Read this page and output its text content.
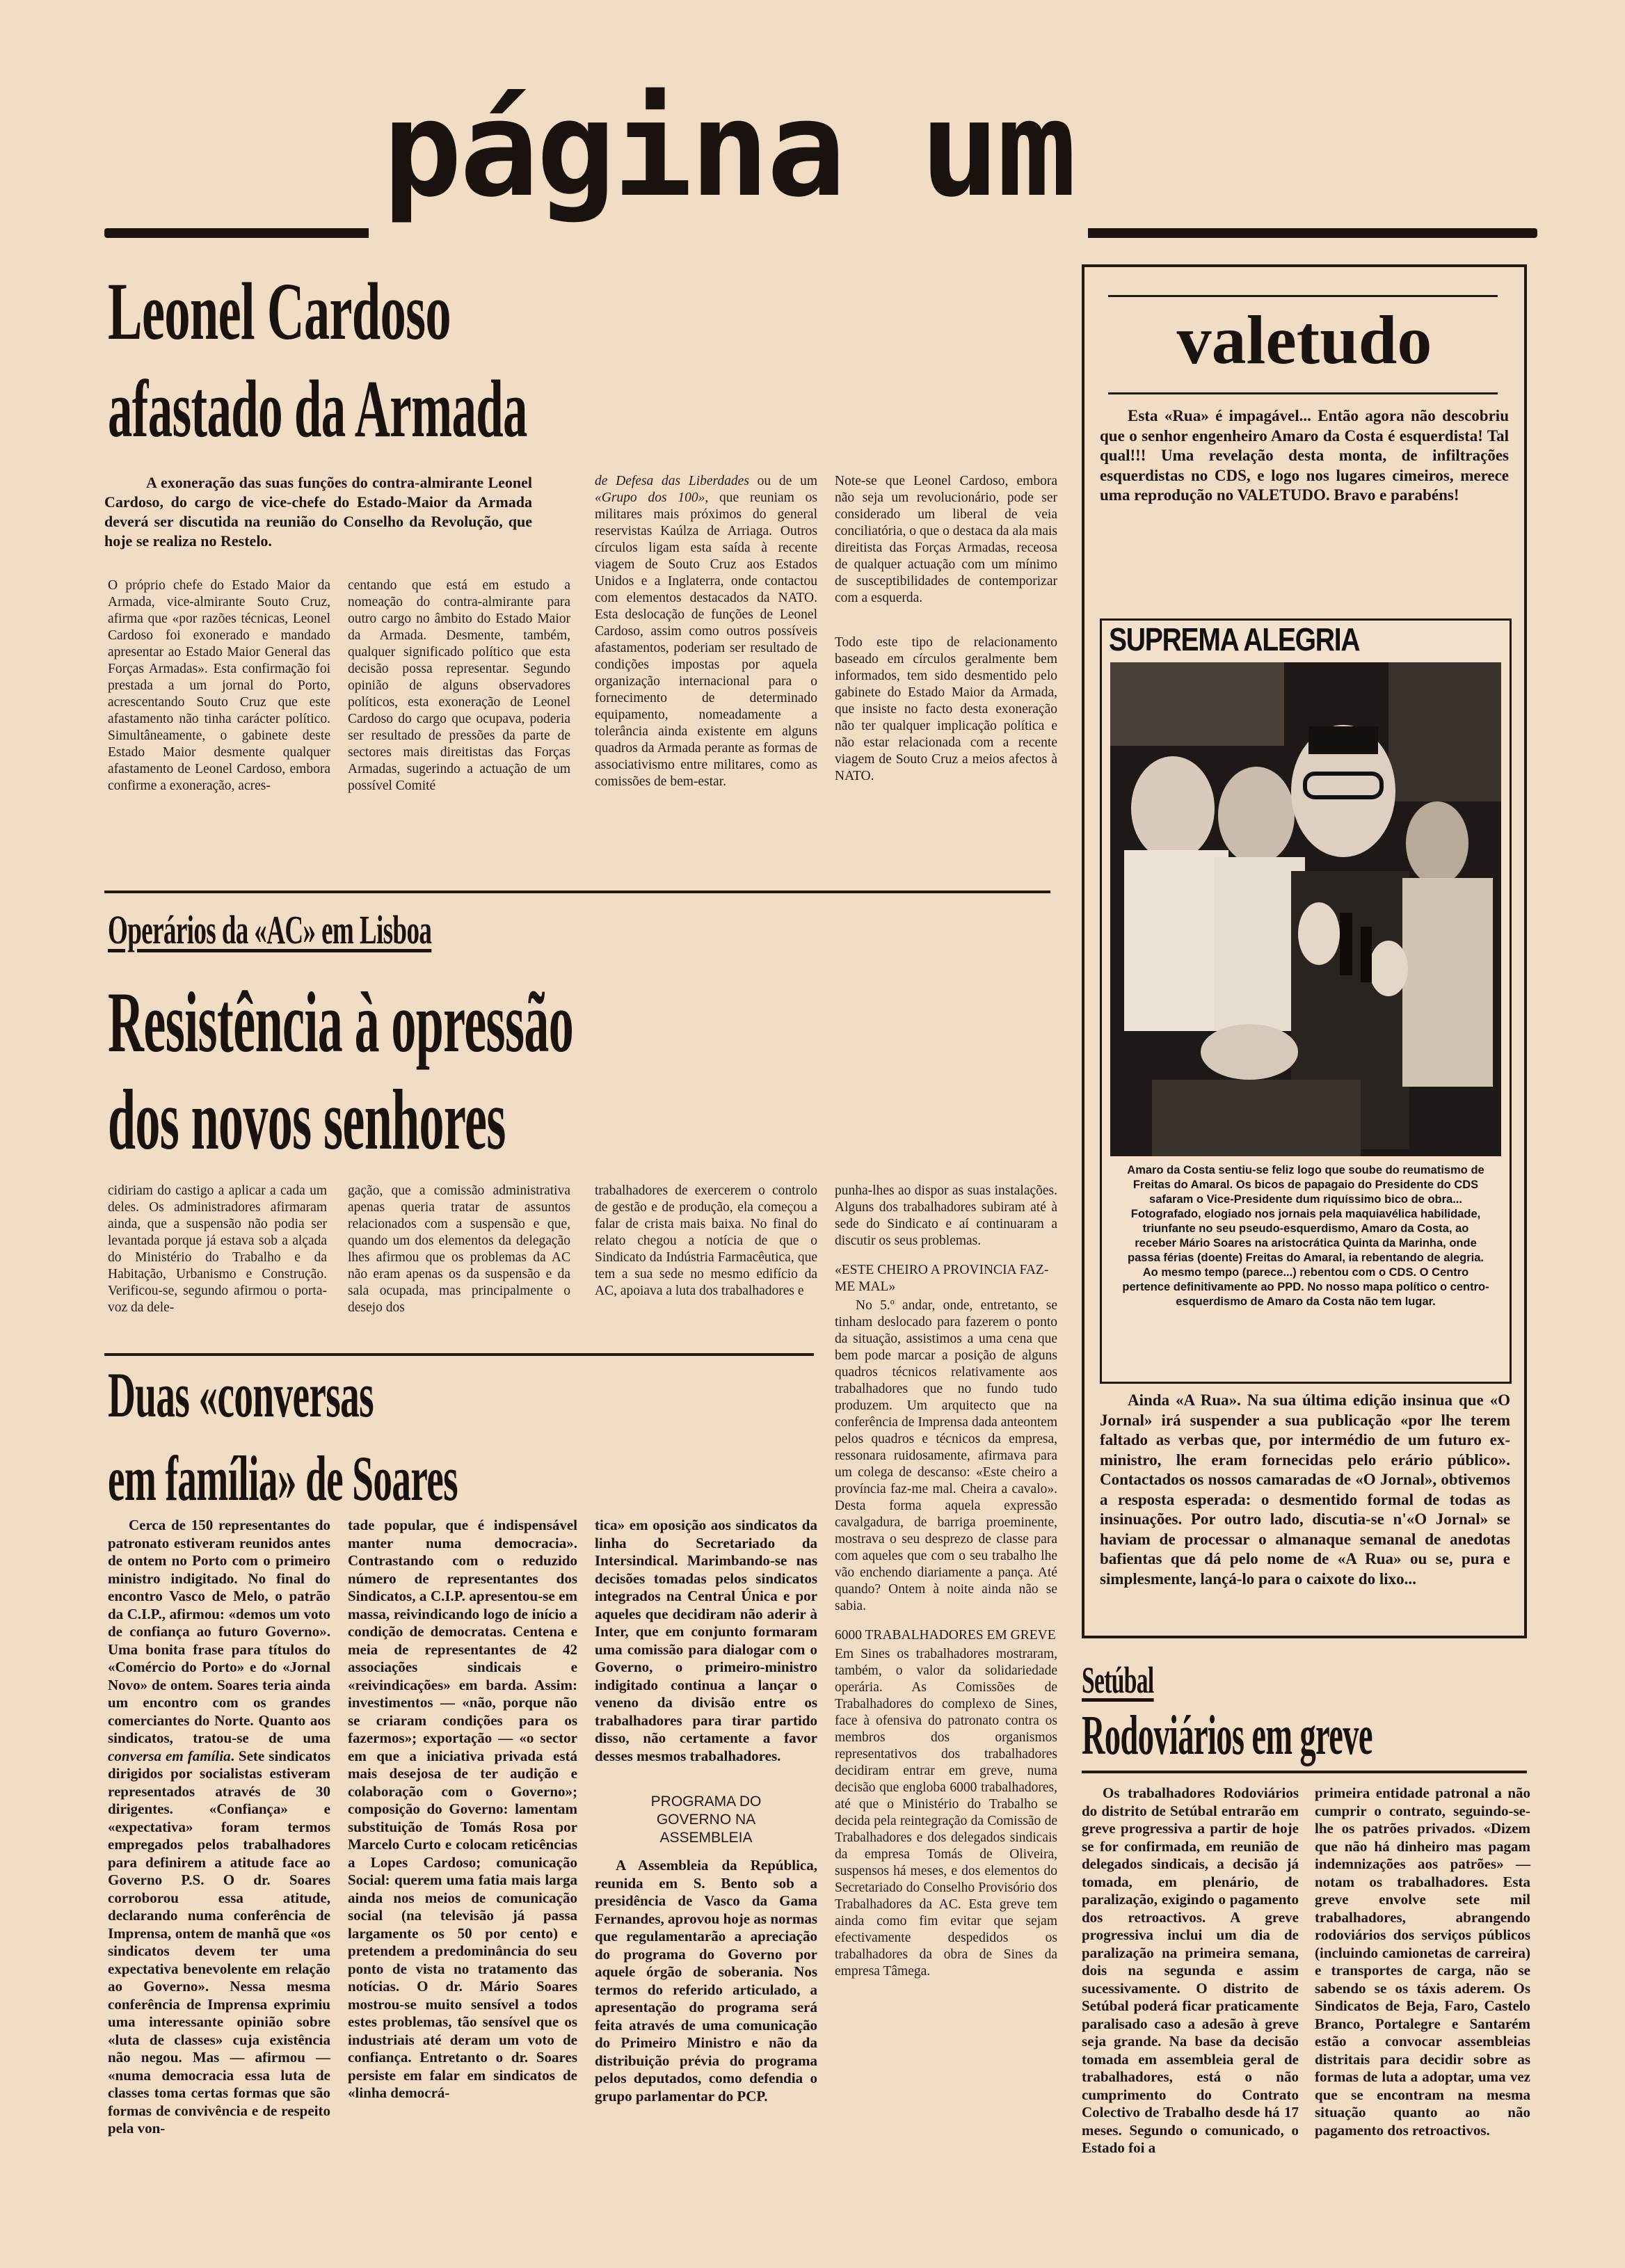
página um
Leonel Cardoso
afastado da Armada
A exoneração das suas funções do contra-almirante Leonel Cardoso, do cargo de vice-chefe do Estado-Maior da Armada deverá ser discutida na reunião do Conselho da Revolução, que hoje se realiza no Restelo.

O próprio chefe do Estado Maior da Armada, vice-almirante Souto Cruz, afirma que «por razões técnicas, Leonel Cardoso foi exonerado e mandado apresentar ao Estado Maior General das Forças Armadas». Esta confirmação foi prestada a um jornal do Porto, acrescentando Souto Cruz que este afastamento não tinha carácter político. Simultâneamente, o gabinete deste Estado Maior desmente qualquer afastamento de Leonel Cardoso, embora confirme a exoneração, acres-

centando que está em estudo a nomeação do contra-almirante para outro cargo no âmbito do Estado Maior da Armada. Desmente, também, qualquer significado político que esta decisão possa representar. Segundo opinião de alguns observadores políticos, esta exoneração de Leonel Cardoso do cargo que ocupava, poderia ser resultado de pressões da parte de sectores mais direitistas das Forças Armadas, sugerindo a actuação de um possível Comité

de Defesa das Liberdades ou de um «Grupo dos 100», que reuniam os militares mais próximos do general reservistas Kaúlza de Arriaga. Outros círculos ligam esta saída à recente viagem de Souto Cruz aos Estados Unidos e a Inglaterra, onde contactou com elementos destacados da NATO. Esta deslocação de funções de Leonel Cardoso, assim como outros possíveis afastamentos, poderiam ser resultado de condições impostas por aquela organização internacional para o fornecimento de determinado equipamento, nomeadamente a tolerância ainda existente em alguns quadros da Armada perante as formas de associativismo entre militares, como as comissões de bem-estar.

Note-se que Leonel Cardoso, embora não seja um revolucionário, pode ser considerado um liberal de veia conciliatória, o que o destaca da ala mais direitista das Forças Armadas, receosa de qualquer actuação com um mínimo de susceptibilidades de contemporizar com a esquerda.

Todo este tipo de relacionamento baseado em círculos geralmente bem informados, tem sido desmentido pelo gabinete do Estado Maior da Armada, que insiste no facto desta exoneração não ter qualquer implicação política e não estar relacionada com a recente viagem de Souto Cruz a meios afectos à NATO.

Operários da «AC» em Lisboa
Resistência à opressão
dos novos senhores

cidiriam do castigo a aplicar a cada um deles. Os administradores afirmaram ainda, que a suspensão não podia ser levantada porque já estava sob a alçada do Ministério do Trabalho e da Habitação, Urbanismo e Construção. Verificou-se, segundo afirmou o porta-voz da dele-

gação, que a comissão administrativa apenas queria tratar de assuntos relacionados com a suspensão e que, quando um dos elementos da delegação lhes afirmou que os problemas da AC não eram apenas os da suspensão e da sala ocupada, mas principalmente o desejo dos

trabalhadores de exercerem o controlo de gestão e de produção, ela começou a falar de crista mais baixa. No final do relato chegou a notícia de que o Sindicato da Indústria Farmacêutica, que tem a sua sede no mesmo edifício da AC, apoiava a luta dos trabalhadores e

punha-lhes ao dispor as suas instalações. Alguns dos trabalhadores subiram até à sede do Sindicato e aí continuaram a discutir os seus problemas.

«ESTE CHEIRO A PROVINCIA FAZ-ME MAL»

No 5.º andar, onde, entretanto, se tinham deslocado para fazerem o ponto da situação, assistimos a uma cena que bem pode marcar a posição de alguns quadros técnicos relativamente aos trabalhadores que no fundo tudo produzem. Um arquitecto que na conferência de Imprensa dada anteontem pelos quadros e técnicos da empresa, ressonara ruidosamente, afirmava para um colega de descanso: «Este cheiro a província faz-me mal. Cheira a cavalo». Desta forma aquela expressão cavalgadura, de barriga proeminente, mostrava o seu desprezo de classe para com aqueles que com o seu trabalho lhe vão enchendo diariamente a pança. Até quando? Ontem à noite ainda não se sabia.

6000 TRABALHADORES EM GREVE

Em Sines os trabalhadores mostraram, também, o valor da solidariedade operária. As Comissões de Trabalhadores do complexo de Sines, face à ofensiva do patronato contra os membros dos organismos representativos dos trabalhadores decidiram entrar em greve, numa decisão que engloba 6000 trabalhadores, até que o Ministério do Trabalho se decida pela reintegração da Comissão de Trabalhadores e dos delegados sindicais da empresa Tomás de Oliveira, suspensos há meses, e dos elementos do Secretariado do Conselho Provisório dos Trabalhadores da AC. Esta greve tem ainda como fim evitar que sejam efectivamente despedidos os trabalhadores da obra de Sines da empresa Tâmega.

Duas «conversas
em família» de Soares

Cerca de 150 representantes do patronato estiveram reunidos antes de ontem no Porto com o primeiro ministro indigitado. No final do encontro Vasco de Melo, o patrão da C.I.P., afirmou: «demos um voto de confiança ao futuro Governo». Uma bonita frase para títulos do «Comércio do Porto» e do «Jornal Novo» de ontem. Soares teria ainda um encontro com os grandes comerciantes do Norte. Quanto aos sindicatos, tratou-se de uma conversa em família. Sete sindicatos dirigidos por socialistas estiveram representados através de 30 dirigentes. «Confiança» e «expectativa» foram termos empregados pelos trabalhadores para definirem a atitude face ao Governo P.S. O dr. Soares corroborou essa atitude, declarando numa conferência de Imprensa, ontem de manhã que «os sindicatos devem ter uma expectativa benevolente em relação ao Governo». Nessa mesma conferência de Imprensa exprimiu uma interessante opinião sobre «luta de classes» cuja existência não negou. Mas — afirmou — «numa democracia essa luta de classes toma certas formas que são formas de convivência e de respeito pela von-

tade popular, que é indispensável manter numa democracia». Contrastando com o reduzido número de representantes dos Sindicatos, a C.I.P. apresentou-se em massa, reivindicando logo de início a condição de democratas. Centena e meia de representantes de 42 associações sindicais e «reivindicações» em barda. Assim: investimentos — «não, porque não se criaram condições para os fazermos»; exportação — «o sector em que a iniciativa privada está mais desejosa de ter audição e colaboração com o Governo»; composição do Governo: lamentam substituição de Tomás Rosa por Marcelo Curto e colocam reticências a Lopes Cardoso; comunicação Social: querem uma fatia mais larga ainda nos meios de comunicação social (na televisão já passa largamente os 50 por cento) e pretendem a predominância do seu ponto de vista no tratamento das notícias. O dr. Mário Soares mostrou-se muito sensível a todos estes problemas, tão sensível que os industriais até deram um voto de confiança. Entretanto o dr. Soares persiste em falar em sindicatos de «linha democrá-

tica» em oposição aos sindicatos da linha do Secretariado da Intersindical. Marimbando-se nas decisões tomadas pelos sindicatos integrados na Central Única e por aqueles que decidiram não aderir à Inter, que em conjunto formaram uma comissão para dialogar com o Governo, o primeiro-ministro indigitado continua a lançar o veneno da divisão entre os trabalhadores para tirar partido disso, não certamente a favor desses mesmos trabalhadores.

PROGRAMA DO GOVERNO NA ASSEMBLEIA

A Assembleia da República, reunida em S. Bento sob a presidência de Vasco da Gama Fernandes, aprovou hoje as normas que regulamentarão a apreciação do programa do Governo por aquele órgão de soberania. Nos termos do referido articulado, a apresentação do programa será feita através de uma comunicação do Primeiro Ministro e não da distribuição prévia do programa pelos deputados, como defendia o grupo parlamentar do PCP.

valetudo
Esta «Rua» é impagável... Então agora não descobriu que o senhor engenheiro Amaro da Costa é esquerdista! Tal qual!!! Uma revelação desta monta, de infiltrações esquerdistas no CDS, e logo nos lugares cimeiros, merece uma reprodução no VALETUDO. Bravo e parabéns!
SUPREMA ALEGRIA
Amaro da Costa sentiu-se feliz logo que soube do reumatismo de Freitas do Amaral. Os bicos de papagaio do Presidente do CDS safaram o Vice-Presidente dum riquíssimo bico de obra... Fotografado, elogiado nos jornais pela maquiavélica habilidade, triunfante no seu pseudo-esquerdismo, Amaro da Costa, ao receber Mário Soares na aristocrática Quinta da Marinha, onde passa férias (doente) Freitas do Amaral, ia rebentando de alegria. Ao mesmo tempo (parece...) rebentou com o CDS. O Centro pertence definitivamente ao PPD. No nosso mapa político o centro-esquerdismo de Amaro da Costa não tem lugar.
Ainda «A Rua». Na sua última edição insinua que «O Jornal» irá suspender a sua publicação «por lhe terem faltado as verbas que, por intermédio de um futuro ex-ministro, lhe eram fornecidas pelo erário público». Contactados os nossos camaradas de «O Jornal», obtivemos a resposta esperada: o desmentido formal de todas as insinuações. Por outro lado, discutia-se n'«O Jornal» se haviam de processar o almanaque semanal de anedotas bafientas que dá pelo nome de «A Rua» ou se, pura e simplesmente, lançá-lo para o caixote do lixo...
Setúbal
Rodoviários em greve

Os trabalhadores Rodoviários do distrito de Setúbal entrarão em greve progressiva a partir de hoje se for confirmada, em reunião de delegados sindicais, a decisão já tomada, em plenário, de paralização, exigindo o pagamento dos retroactivos. A greve progressiva inclui um dia de paralização na primeira semana, dois na segunda e assim sucessivamente. O distrito de Setúbal poderá ficar praticamente paralisado caso a adesão à greve seja grande. Na base da decisão tomada em assembleia geral de trabalhadores, está o não cumprimento do Contrato Colectivo de Trabalho desde há 17 meses. Segundo o comunicado, o Estado foi a

primeira entidade patronal a não cumprir o contrato, seguindo-se-lhe os patrões privados. «Dizem que não há dinheiro mas pagam indemnizações aos patrões» — notam os trabalhadores. Esta greve envolve sete mil trabalhadores, abrangendo rodoviários dos serviços públicos (incluindo camionetas de carreira) e transportes de carga, não se sabendo se os táxis aderem. Os Sindicatos de Beja, Faro, Castelo Branco, Portalegre e Santarém estão a convocar assembleias distritais para decidir sobre as formas de luta a adoptar, uma vez que se encontram na mesma situação quanto ao não pagamento dos retroactivos.
